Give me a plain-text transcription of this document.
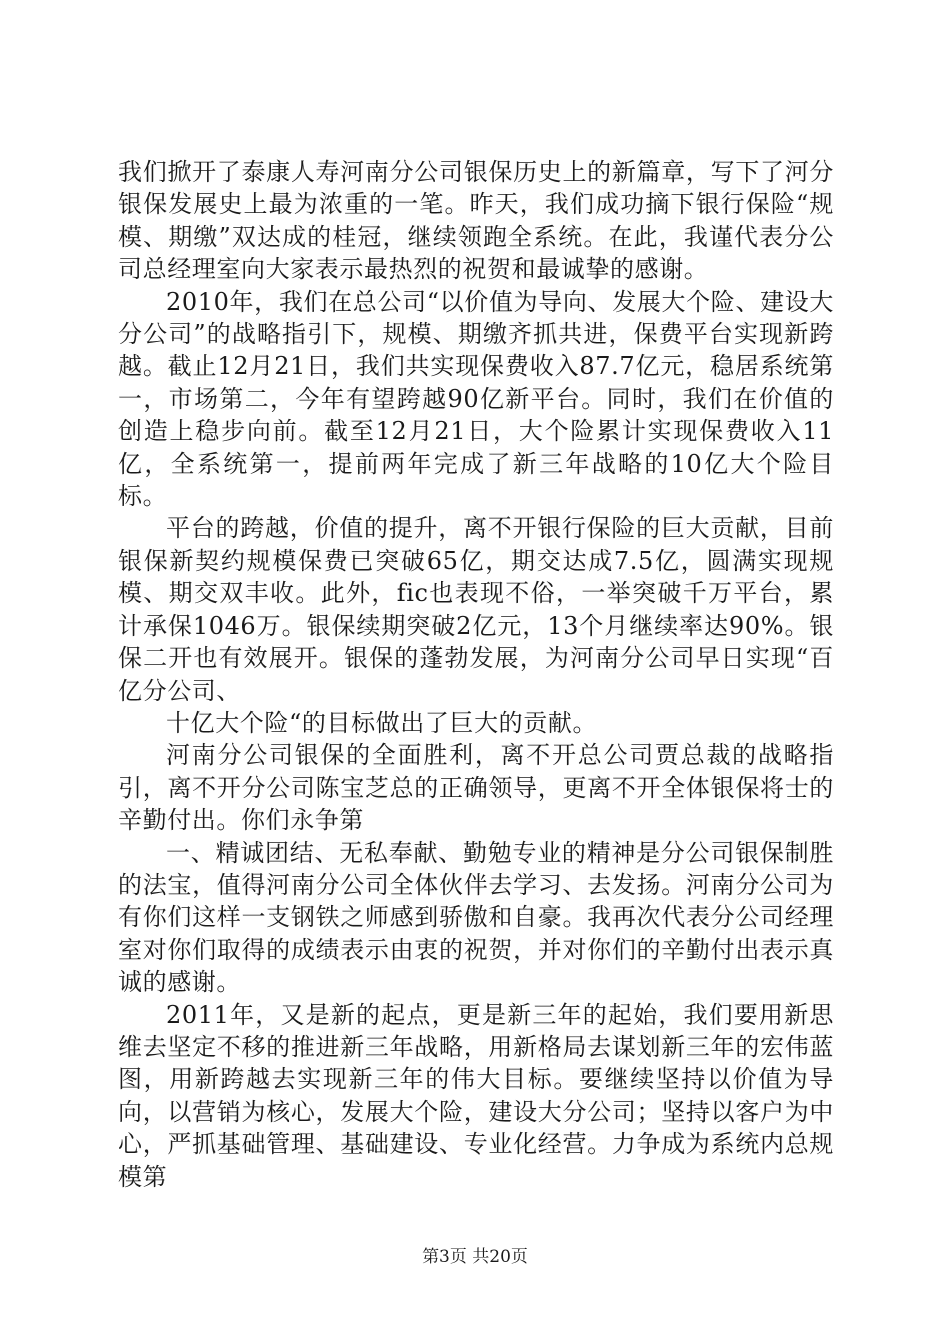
我们掀开了泰康人寿河南分公司银保历史上的新篇章，写下了河分银保发展史上最为浓重的一笔。昨天，我们成功摘下银行保险“规模、期缴”双达成的桂冠，继续领跑全系统。在此，我谨代表分公司总经理室向大家表示最热烈的祝贺和最诚挚的感谢。

2010年，我们在总公司“以价值为导向、发展大个险、建设大分公司”的战略指引下，规模、期缴齐抓共进，保费平台实现新跨越。截止12月21日，我们共实现保费收入87.7亿元，稳居系统第一，市场第二，今年有望跨越90亿新平台。同时，我们在价值的创造上稳步向前。截至12月21日，大个险累计实现保费收入11亿，全系统第一，提前两年完成了新三年战略的10亿大个险目标。

平台的跨越，价值的提升，离不开银行保险的巨大贡献，目前银保新契约规模保费已突破65亿，期交达成7.5亿，圆满实现规模、期交双丰收。此外，fic也表现不俗，一举突破千万平台，累计承保1046万。银保续期突破2亿元，13个月继续率达90%。银保二开也有效展开。银保的蓬勃发展，为河南分公司早日实现“百亿分公司、

十亿大个险“的目标做出了巨大的贡献。

河南分公司银保的全面胜利，离不开总公司贾总裁的战略指引，离不开分公司陈宝芝总的正确领导，更离不开全体银保将士的辛勤付出。你们永争第

一、精诚团结、无私奉献、勤勉专业的精神是分公司银保制胜的法宝，值得河南分公司全体伙伴去学习、去发扬。河南分公司为有你们这样一支钢铁之师感到骄傲和自豪。我再次代表分公司经理室对你们取得的成绩表示由衷的祝贺，并对你们的辛勤付出表示真诚的感谢。

2011年，又是新的起点，更是新三年的起始，我们要用新思维去坚定不移的推进新三年战略，用新格局去谋划新三年的宏伟蓝图，用新跨越去实现新三年的伟大目标。要继续坚持以价值为导向，以营销为核心，发展大个险，建设大分公司；坚持以客户为中心，严抓基础管理、基础建设、专业化经营。力争成为系统内总规模第

第3页 共20页
